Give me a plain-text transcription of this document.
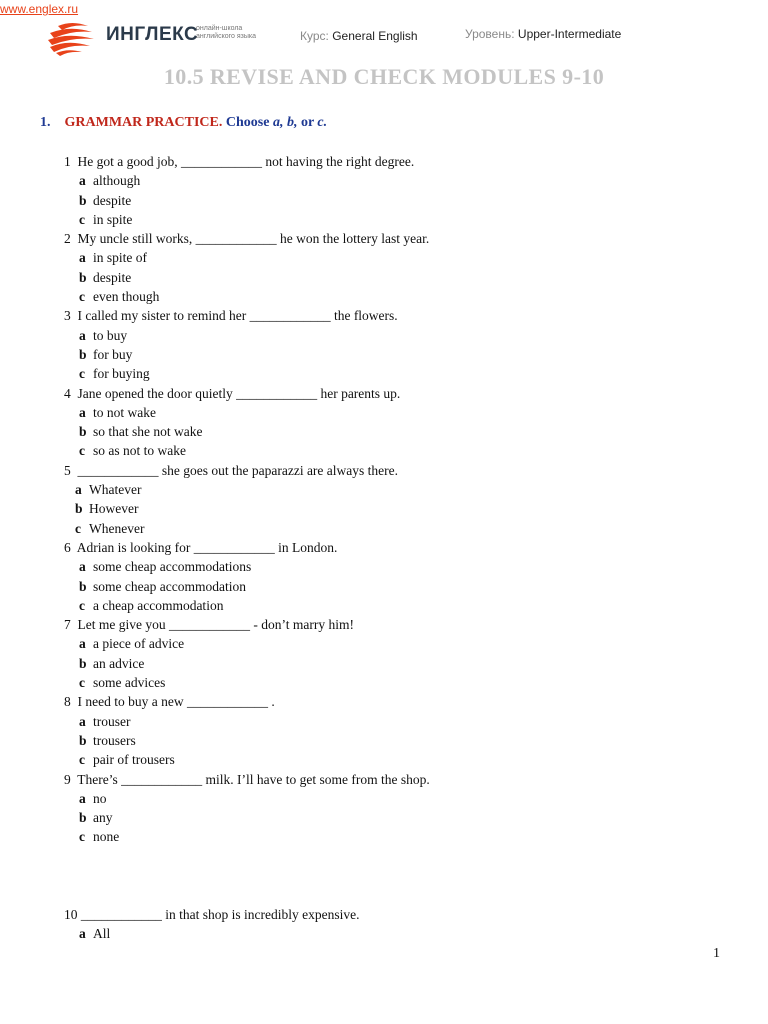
ИНГЛЕКС
онлайн-школа английского языка	Курс: General English	Уровень: Upper-Intermediate
www.englex.ru
10.5 REVISE AND CHECK MODULES 9-10
1. GRAMMAR PRACTICE. Choose a, b, or c.
1 He got a good job, ____________ not having the right degree.
a although
b despite
c in spite
2 My uncle still works, ____________ he won the lottery last year.
a in spite of
b despite
c even though
3 I called my sister to remind her ____________ the flowers.
a to buy
b for buy
c for buying
4 Jane opened the door quietly ____________ her parents up.
a to not wake
b so that she not wake
c so as not to wake
5 ____________ she goes out the paparazzi are always there.
a Whatever
b However
c Whenever
6 Adrian is looking for ____________ in London.
a some cheap accommodations
b some cheap accommodation
c a cheap accommodation
7 Let me give you ____________ - don’t marry him!
a a piece of advice
b an advice
c some advices
8 I need to buy a new ____________ .
a trouser
b trousers
c pair of trousers
9 There’s ____________ milk. I’ll have to get some from the shop.
a no
b any
c none
10 ____________ in that shop is incredibly expensive.
a All
1
